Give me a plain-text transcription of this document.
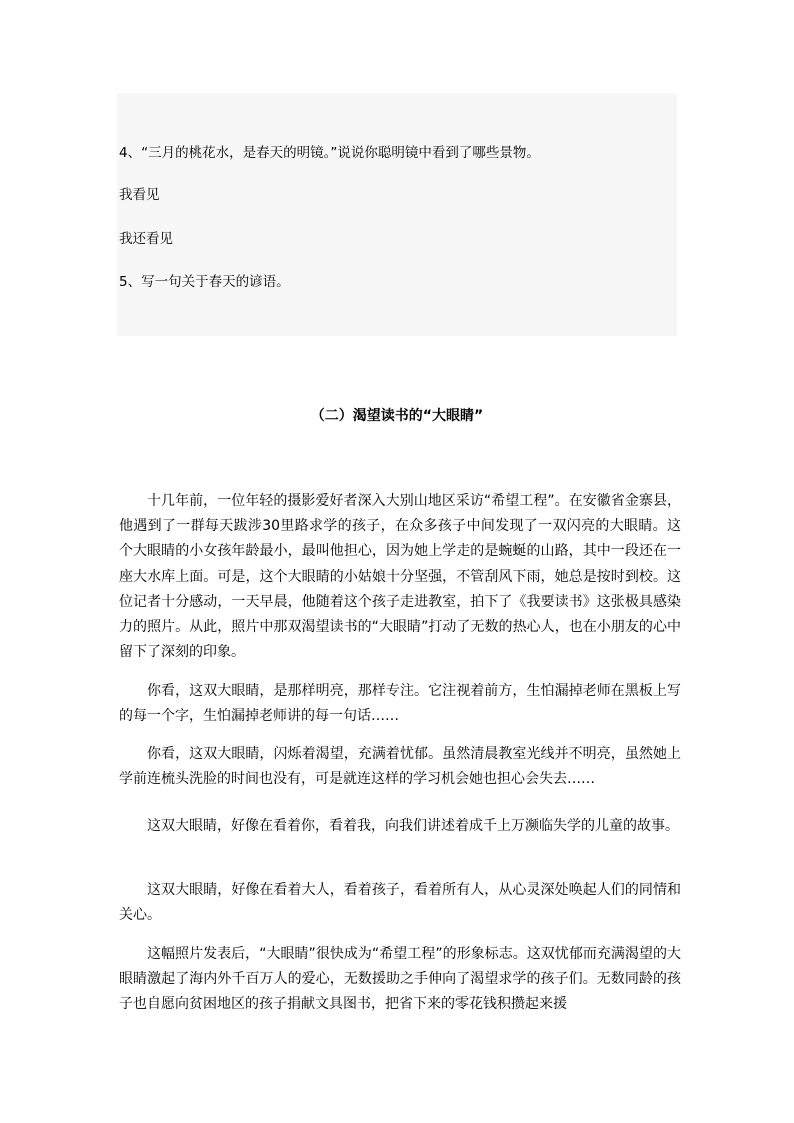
4、“三月的桃花水，是春天的明镜。”说说你聪明镜中看到了哪些景物。
我看见
我还看见
5、写一句关于春天的谚语。
（二）渴望读书的“大眼睛”

十几年前，一位年轻的摄影爱好者深入大别山地区采访“希望工程”。在安徽省金寨县，他遇到了一群每天跋涉30里路求学的孩子，在众多孩子中间发现了一双闪亮的大眼睛。这个大眼睛的小女孩年龄最小，最叫他担心，因为她上学走的是蜿蜒的山路，其中一段还在一座大水库上面。可是，这个大眼睛的小姑娘十分坚强，不管刮风下雨，她总是按时到校。这位记者十分感动，一天早晨，他随着这个孩子走进教室，拍下了《我要读书》这张极具感染力的照片。从此，照片中那双渴望读书的“大眼睛”打动了无数的热心人，也在小朋友的心中留下了深刻的印象。

你看，这双大眼睛，是那样明亮，那样专注。它注视着前方，生怕漏掉老师在黑板上写的每一个字，生怕漏掉老师讲的每一句话……

你看，这双大眼睛，闪烁着渴望，充满着忧郁。虽然清晨教室光线并不明亮，虽然她上学前连梳头洗脸的时间也没有，可是就连这样的学习机会她也担心会失去……

这双大眼睛，好像在看着你，看着我，向我们讲述着成千上万濒临失学的儿童的故事。

这双大眼睛，好像在看着大人，看着孩子，看着所有人，从心灵深处唤起人们的同情和关心。

这幅照片发表后，“大眼睛”很快成为“希望工程”的形象标志。这双忧郁而充满渴望的大眼睛激起了海内外千百万人的爱心，无数援助之手伸向了渴望求学的孩子们。无数同龄的孩子也自愿向贫困地区的孩子捐献文具图书，把省下来的零花钱积攒起来援
